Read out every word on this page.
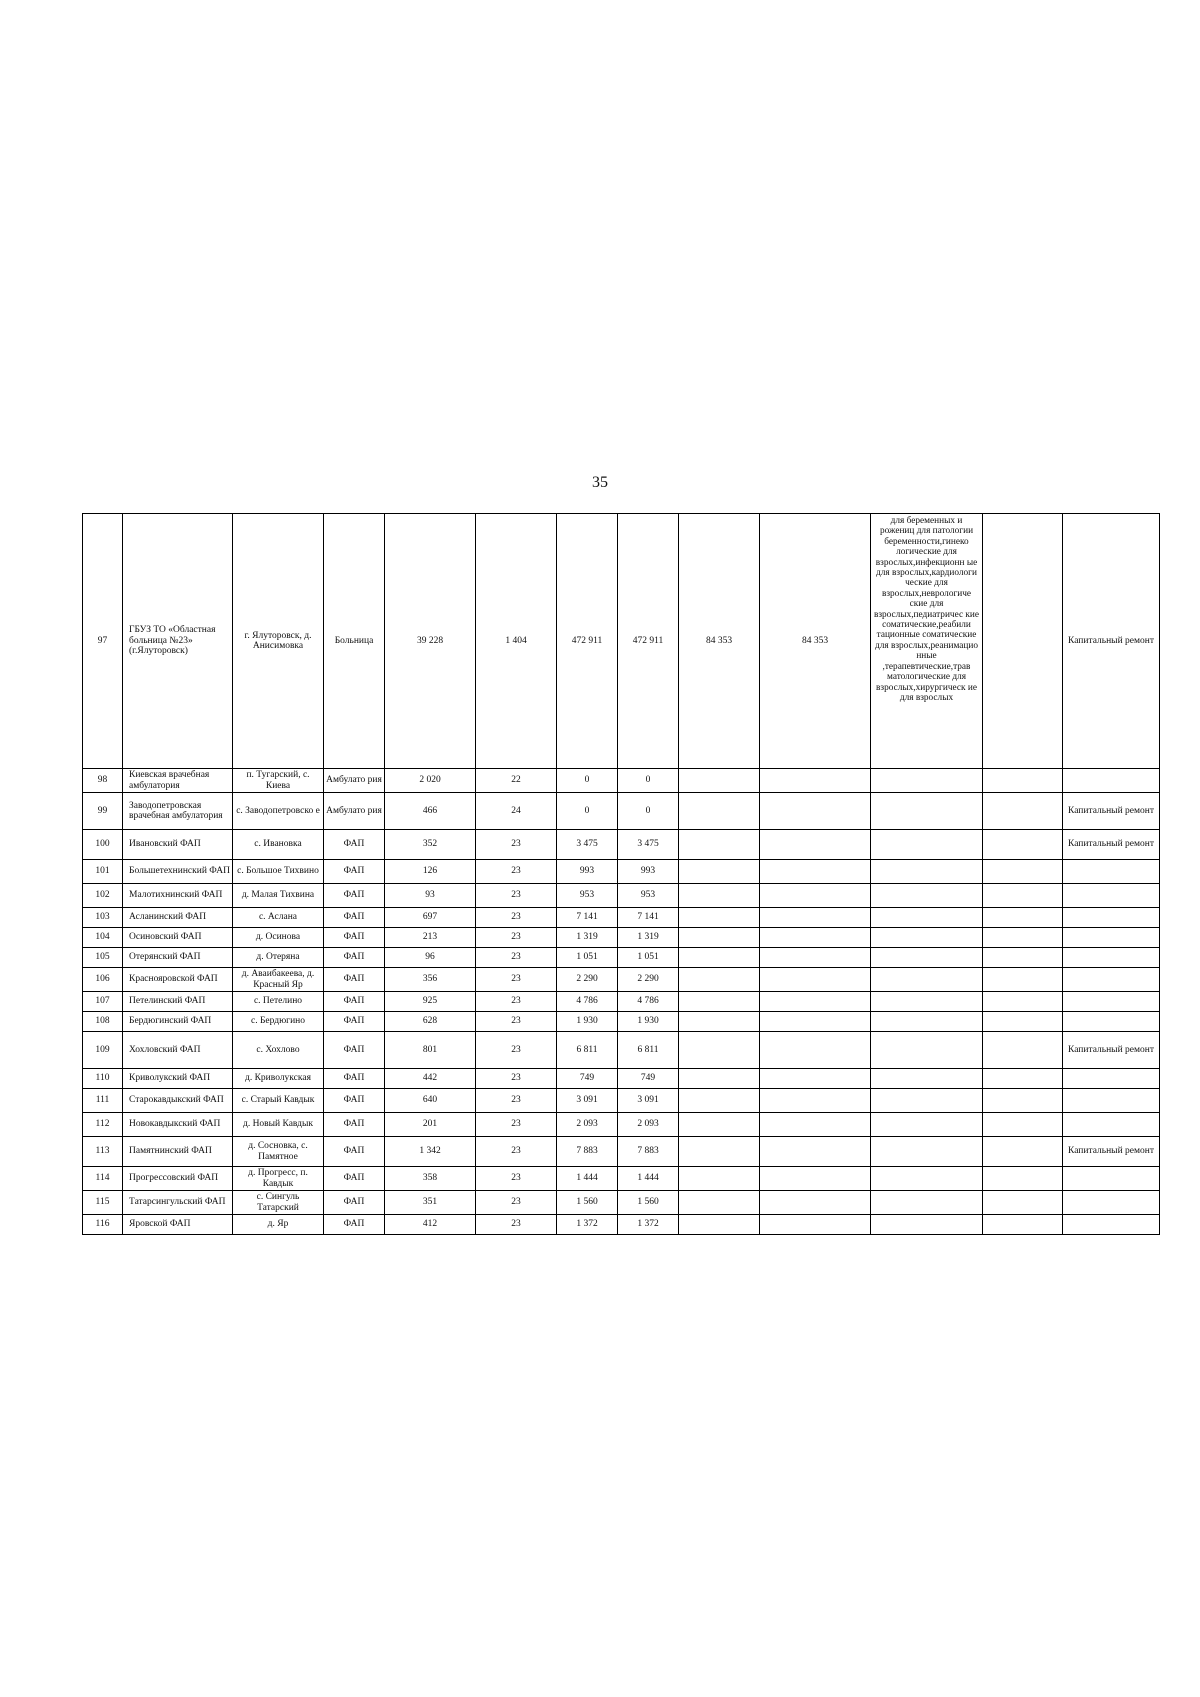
35
97	ГБУЗ ТО «Областная больница №23» (г.Ялуторовск)	г. Ялуторовск, д. Анисимовка	Больница	39 228	1 404	472 911	472 911	84 353	84 353	для беременных и рожениц для патологии беременности,гинеко логические для взрослых,инфекционн ые для взрослых,кардиологи ческие для взрослых,неврологиче ские для взрослых,педиатричес кие соматические,реабили тационные соматические для взрослых,реанимацио нные ,терапевтические,трав матологические для взрослых,хирургическ ие для взрослых		Капитальный ремонт
98	Киевская врачебная амбулатория	п. Тугарский, с. Киева	Амбулато рия	2 020	22	0	0					
99	Заводопетровская врачебная амбулатория	с. Заводопетровско е	Амбулато рия	466	24	0	0					Капитальный ремонт
100	Ивановский ФАП	с. Ивановка	ФАП	352	23	3 475	3 475					Капитальный ремонт
101	Большетехнинский ФАП	с. Большое Тихвино	ФАП	126	23	993	993					
102	Малотихнинский ФАП	д. Малая Тихвина	ФАП	93	23	953	953					
103	Асланинский ФАП	с. Аслана	ФАП	697	23	7 141	7 141					
104	Осиновский ФАП	д. Осинова	ФАП	213	23	1 319	1 319					
105	Отерянский ФАП	д. Отеряна	ФАП	96	23	1 051	1 051					
106	Краснояровской ФАП	д. Аваибакеева, д. Красный Яр	ФАП	356	23	2 290	2 290					
107	Петелинский ФАП	с. Петелино	ФАП	925	23	4 786	4 786					
108	Бердюгинский ФАП	с. Бердюгино	ФАП	628	23	1 930	1 930					
109	Хохловский ФАП	с. Хохлово	ФАП	801	23	6 811	6 811					Капитальный ремонт
110	Криволукский ФАП	д. Криволукская	ФАП	442	23	749	749					
111	Старокавдыкский ФАП	с. Старый Кавдык	ФАП	640	23	3 091	3 091					
112	Новокавдыкский ФАП	д. Новый Кавдык	ФАП	201	23	2 093	2 093					
113	Памятнинский ФАП	д. Сосновка, с. Памятное	ФАП	1 342	23	7 883	7 883					Капитальный ремонт
114	Прогрессовский ФАП	д. Прогресс, п. Кавдык	ФАП	358	23	1 444	1 444					
115	Татарсингульский ФАП	с. Сингуль Татарский	ФАП	351	23	1 560	1 560					
116	Яровской ФАП	д. Яр	ФАП	412	23	1 372	1 372					
